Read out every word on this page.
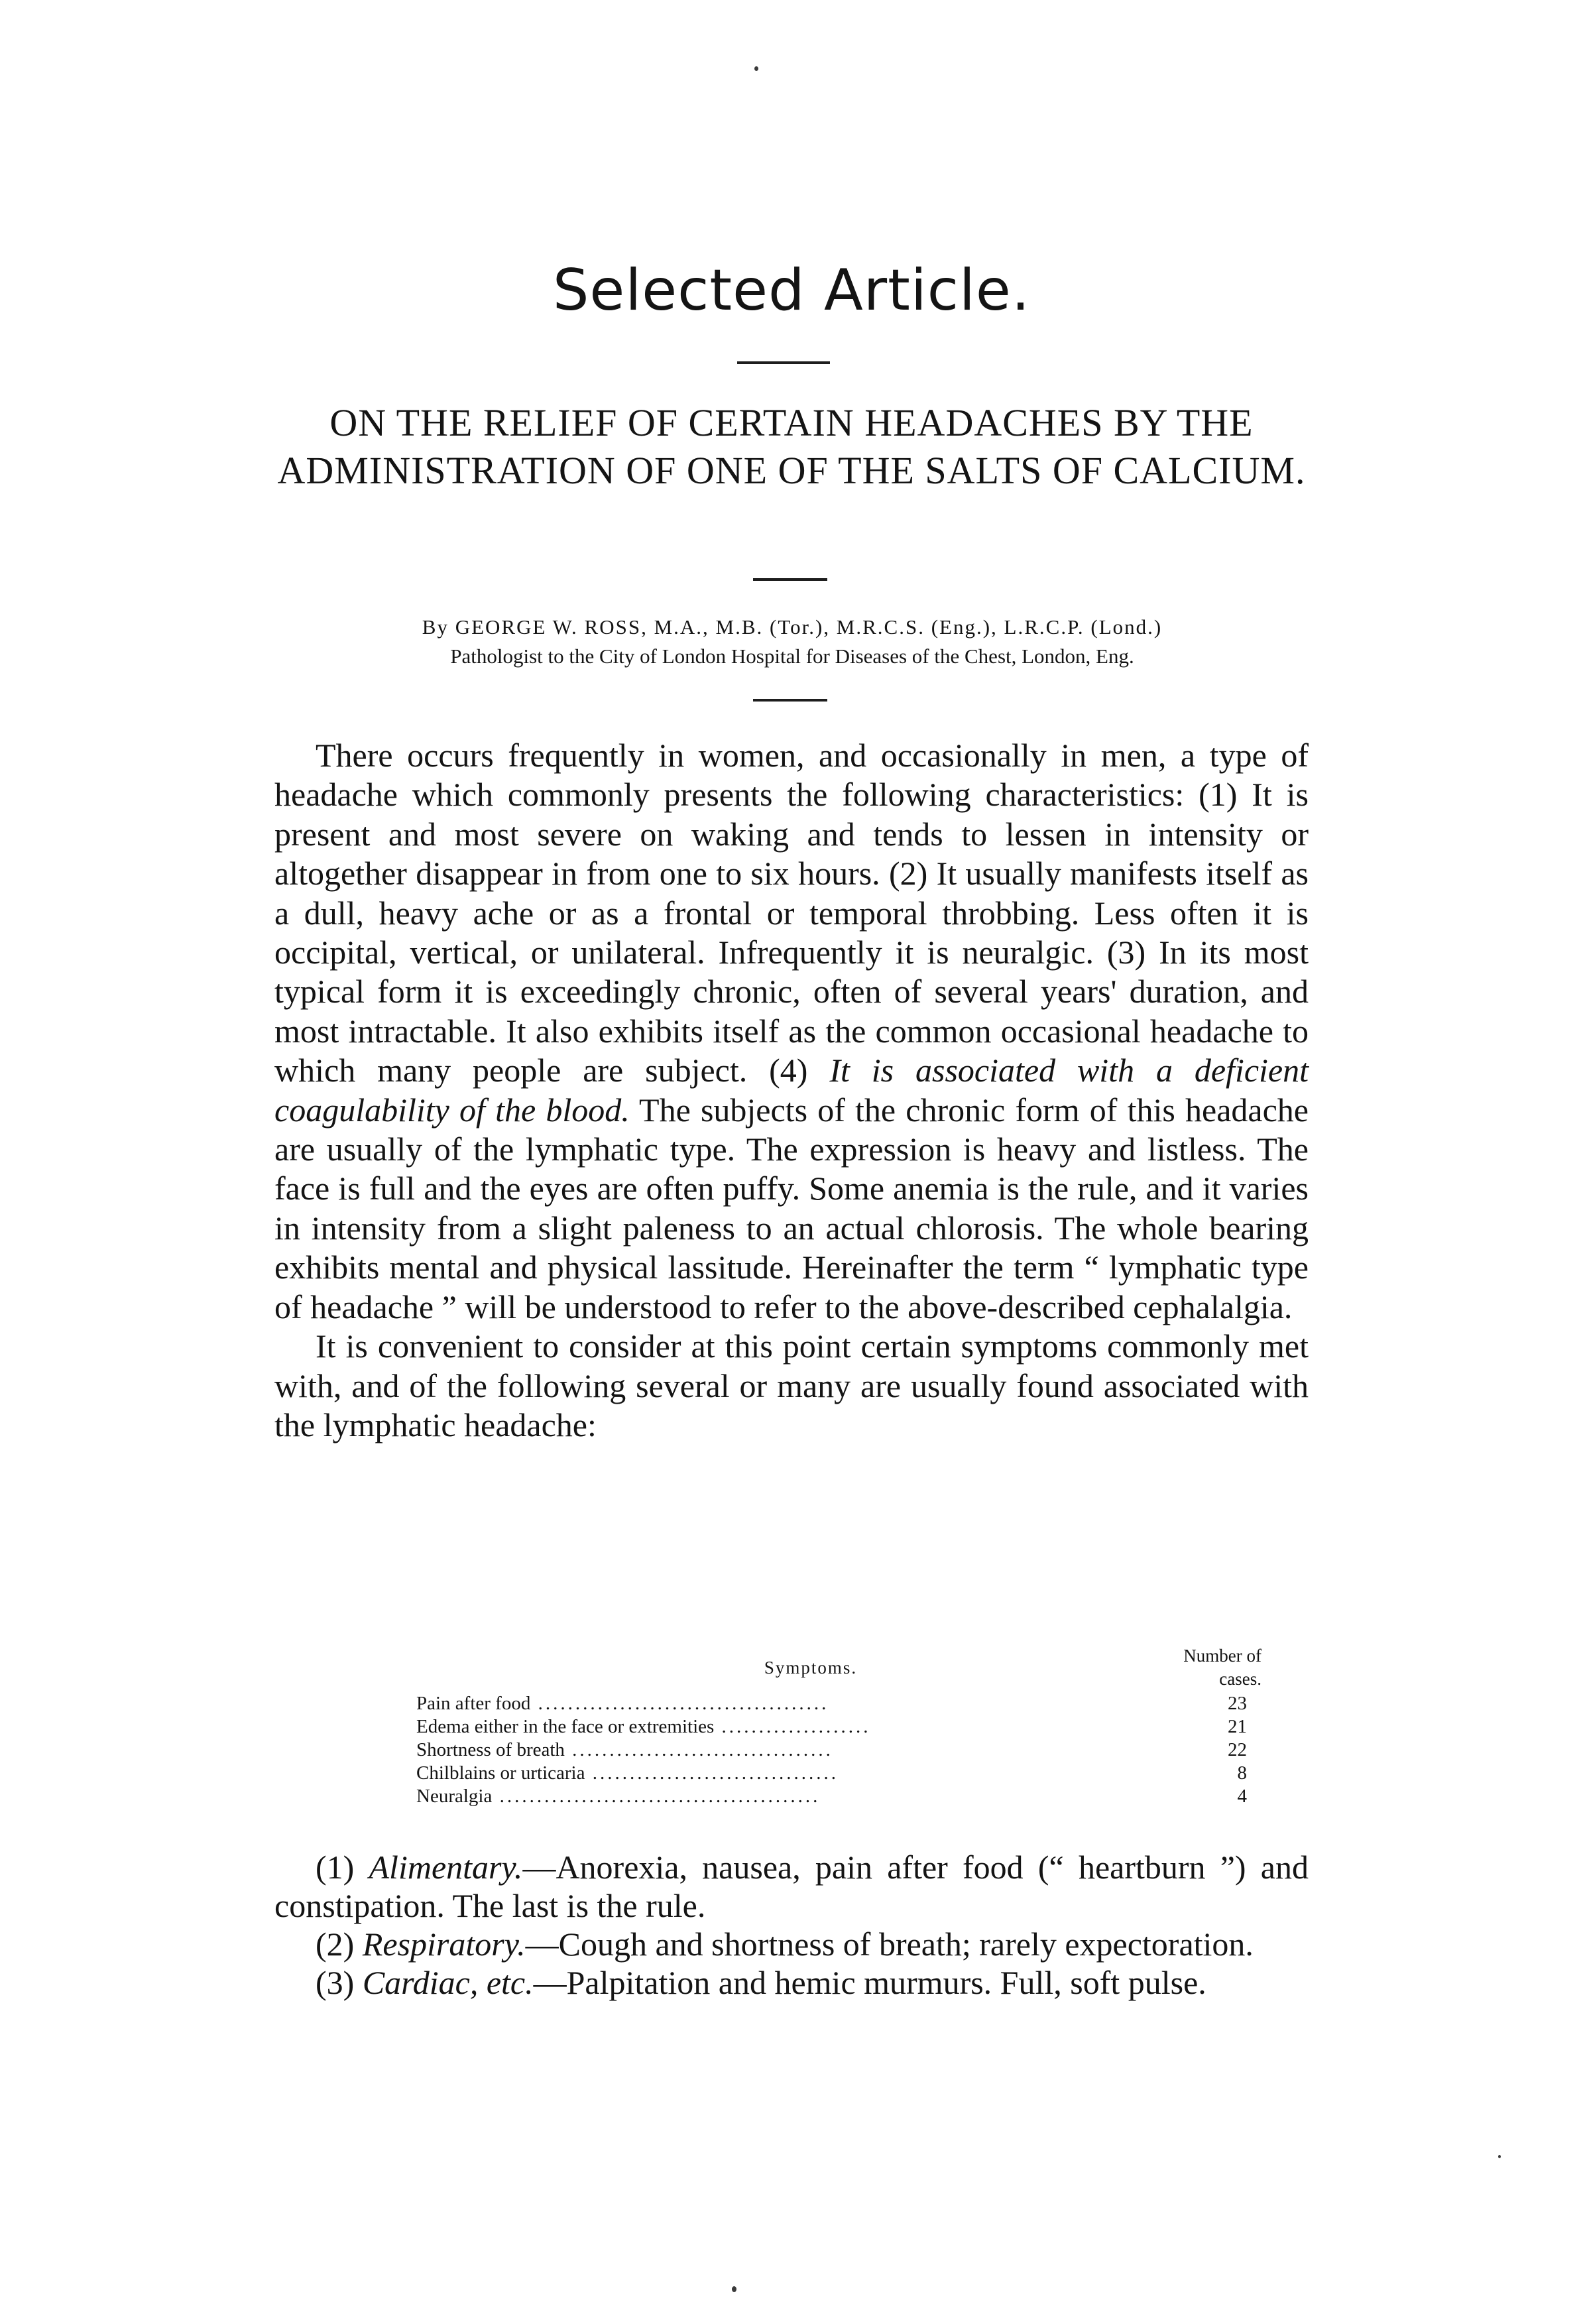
Selected Article.
ON THE RELIEF OF CERTAIN HEADACHES BY THE ADMINISTRATION OF ONE OF THE SALTS OF CALCIUM.
By GEORGE W. ROSS, M.A., M.B. (Tor.), M.R.C.S. (Eng.), L.R.C.P. (Lond.)
Pathologist to the City of London Hospital for Diseases of the Chest, London, Eng.

There occurs frequently in women, and occasionally in men, a type of headache which commonly presents the following characteristics: (1) It is present and most severe on waking and tends to lessen in intensity or altogether disappear in from one to six hours. (2) It usually manifests itself as a dull, heavy ache or as a frontal or temporal throbbing. Less often it is occipital, vertical, or unilateral. Infrequently it is neuralgic. (3) In its most typical form it is exceedingly chronic, often of several years' duration, and most intractable. It also exhibits itself as the common occasional headache to which many people are subject. (4) It is associated with a deficient coagulability of the blood. The subjects of the chronic form of this headache are usually of the lymphatic type. The expression is heavy and listless. The face is full and the eyes are often puffy. Some anemia is the rule, and it varies in intensity from a slight paleness to an actual chlorosis. The whole bearing exhibits mental and physical lassitude. Hereinafter the term “ lymphatic type of headache ” will be understood to refer to the above-described cephalalgia.

It is convenient to consider at this point certain symptoms commonly met with, and of the following several or many are usually found associated with the lymphatic headache:

Symptoms.	Number of cases.
Pain after food .......................................	23
Edema either in the face or extremities ....................	21
Shortness of breath ...................................	22
Chilblains or urticaria .................................	8
Neuralgia ...........................................	4

(1) Alimentary.—Anorexia, nausea, pain after food (“ heartburn ”) and constipation. The last is the rule.

(2) Respiratory.—Cough and shortness of breath; rarely expectoration.

(3) Cardiac, etc.—Palpitation and hemic murmurs. Full, soft pulse.
